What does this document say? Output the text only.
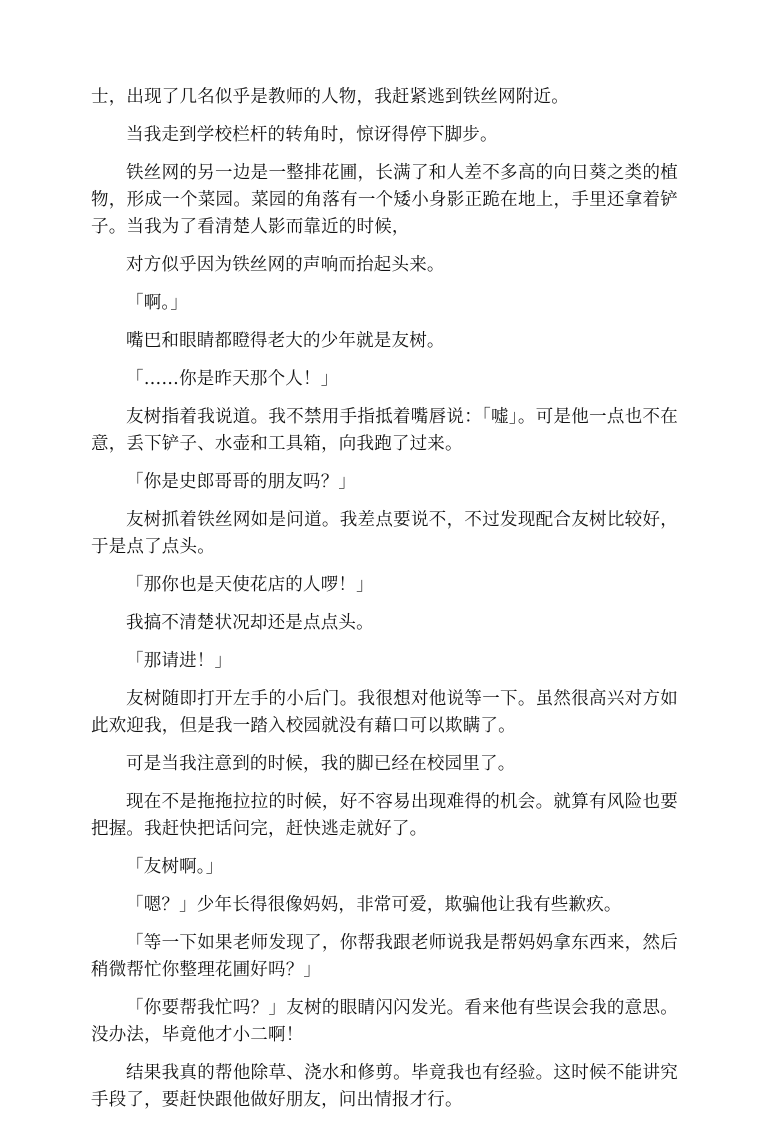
士，出现了几名似乎是教师的人物，我赶紧逃到铁丝网附近。

当我走到学校栏杆的转角时，惊讶得停下脚步。

铁丝网的另一边是一整排花圃，长满了和人差不多高的向日葵之类的植物，形成一个菜园。菜园的角落有一个矮小身影正跪在地上，手里还拿着铲子。当我为了看清楚人影而靠近的时候，

对方似乎因为铁丝网的声响而抬起头来。

「啊。」

嘴巴和眼睛都瞪得老大的少年就是友树。

「……你是昨天那个人！」

友树指着我说道。我不禁用手指抵着嘴唇说：「嘘」。可是他一点也不在意，丢下铲子、水壶和工具箱，向我跑了过来。

「你是史郎哥哥的朋友吗？」

友树抓着铁丝网如是问道。我差点要说不，不过发现配合友树比较好，于是点了点头。

「那你也是天使花店的人啰！」

我搞不清楚状况却还是点点头。

「那请进！」

友树随即打开左手的小后门。我很想对他说等一下。虽然很高兴对方如此欢迎我，但是我一踏入校园就没有藉口可以欺瞒了。

可是当我注意到的时候，我的脚已经在校园里了。

现在不是拖拖拉拉的时候，好不容易出现难得的机会。就算有风险也要把握。我赶快把话问完，赶快逃走就好了。

「友树啊。」

「嗯？」少年长得很像妈妈，非常可爱，欺骗他让我有些歉疚。

「等一下如果老师发现了，你帮我跟老师说我是帮妈妈拿东西来，然后稍微帮忙你整理花圃好吗？」

「你要帮我忙吗？」友树的眼睛闪闪发光。看来他有些误会我的意思。没办法，毕竟他才小二啊！

结果我真的帮他除草、浇水和修剪。毕竟我也有经验。这时候不能讲究手段了，要赶快跟他做好朋友，问出情报才行。
